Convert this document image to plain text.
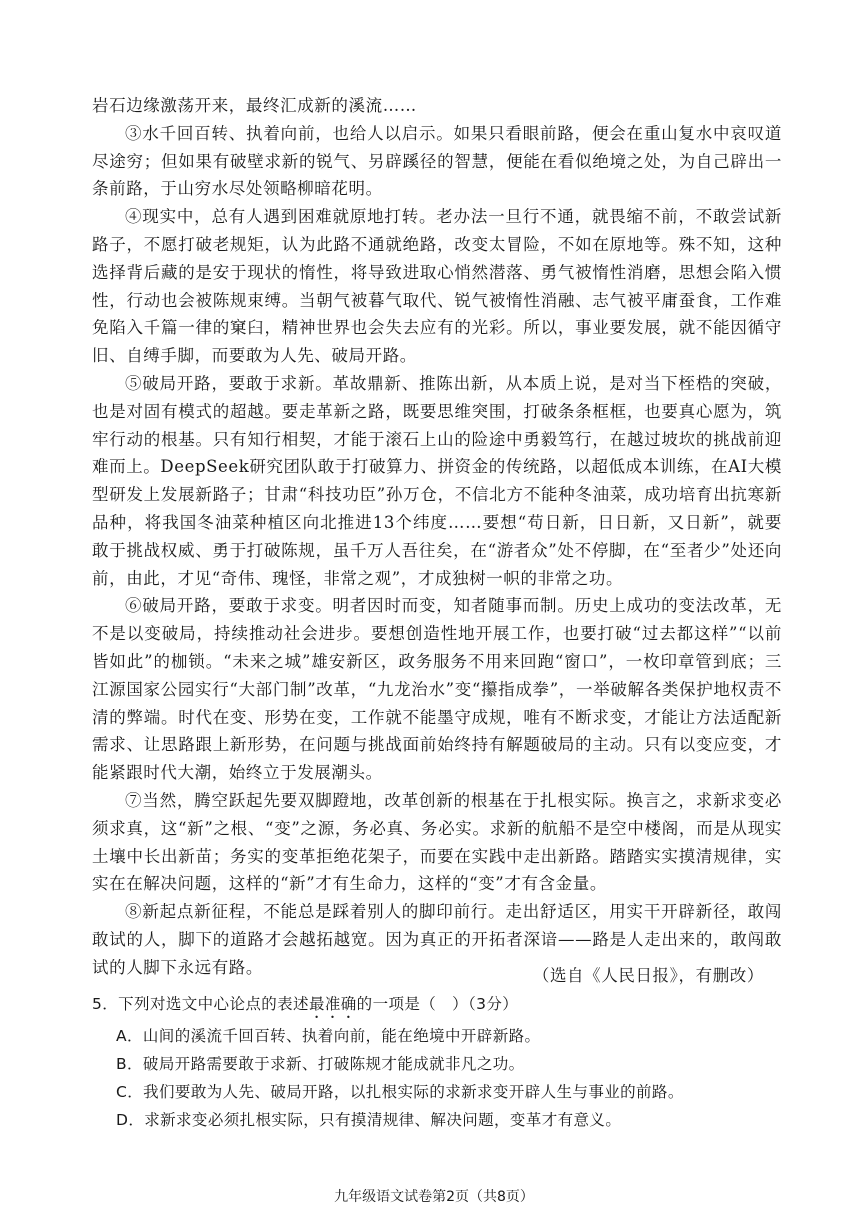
岩石边缘激荡开来，最终汇成新的溪流……

③水千回百转、执着向前，也给人以启示。如果只看眼前路，便会在重山复水中哀叹道尽途穷；但如果有破壁求新的锐气、另辟蹊径的智慧，便能在看似绝境之处，为自己辟出一条前路，于山穷水尽处领略柳暗花明。

④现实中，总有人遇到困难就原地打转。老办法一旦行不通，就畏缩不前，不敢尝试新路子，不愿打破老规矩，认为此路不通就绝路，改变太冒险，不如在原地等。殊不知，这种选择背后藏的是安于现状的惰性，将导致进取心悄然潜落、勇气被惰性消磨，思想会陷入惯性，行动也会被陈规束缚。当朝气被暮气取代、锐气被惰性消融、志气被平庸蚕食，工作难免陷入千篇一律的窠臼，精神世界也会失去应有的光彩。所以，事业要发展，就不能因循守旧、自缚手脚，而要敢为人先、破局开路。

⑤破局开路，要敢于求新。革故鼎新、推陈出新，从本质上说，是对当下桎梏的突破，也是对固有模式的超越。要走革新之路，既要思维突围，打破条条框框，也要真心愿为，筑牢行动的根基。只有知行相契，才能于滚石上山的险途中勇毅笃行，在越过坡坎的挑战前迎难而上。DeepSeek研究团队敢于打破算力、拼资金的传统路，以超低成本训练，在AI大模型研发上发展新路子；甘肃“科技功臣”孙万仓，不信北方不能种冬油菜，成功培育出抗寒新品种，将我国冬油菜种植区向北推进13个纬度……要想“苟日新，日日新，又日新”，就要敢于挑战权威、勇于打破陈规，虽千万人吾往矣，在“游者众”处不停脚，在“至者少”处还向前，由此，才见“奇伟、瑰怪，非常之观”，才成独树一帜的非常之功。

⑥破局开路，要敢于求变。明者因时而变，知者随事而制。历史上成功的变法改革，无不是以变破局，持续推动社会进步。要想创造性地开展工作，也要打破“过去都这样”“以前皆如此”的枷锁。“未来之城”雄安新区，政务服务不用来回跑“窗口”，一枚印章管到底；三江源国家公园实行“大部门制”改革，“九龙治水”变“攥指成拳”，一举破解各类保护地权责不清的弊端。时代在变、形势在变，工作就不能墨守成规，唯有不断求变，才能让方法适配新需求、让思路跟上新形势，在问题与挑战面前始终持有解题破局的主动。只有以变应变，才能紧跟时代大潮，始终立于发展潮头。

⑦当然，腾空跃起先要双脚蹬地，改革创新的根基在于扎根实际。换言之，求新求变必须求真，这“新”之根、“变”之源，务必真、务必实。求新的航船不是空中楼阁，而是从现实土壤中长出新苗；务实的变革拒绝花架子，而要在实践中走出新路。踏踏实实摸清规律，实实在在解决问题，这样的“新”才有生命力，这样的“变”才有含金量。

⑧新起点新征程，不能总是踩着别人的脚印前行。走出舒适区，用实干开辟新径，敢闯敢试的人，脚下的道路才会越拓越宽。因为真正的开拓者深谙——路是人走出来的，敢闯敢试的人脚下永远有路。	（选自《人民日报》，有删改）

5．下列对选文中心论点的表述最准确的一项是（　）（3分）

A．山间的溪流千回百转、执着向前，能在绝境中开辟新路。

B．破局开路需要敢于求新、打破陈规才能成就非凡之功。

C．我们要敢为人先、破局开路，以扎根实际的求新求变开辟人生与事业的前路。

D．求新求变必须扎根实际，只有摸清规律、解决问题，变革才有意义。

九年级语文试卷第2页（共8页）
